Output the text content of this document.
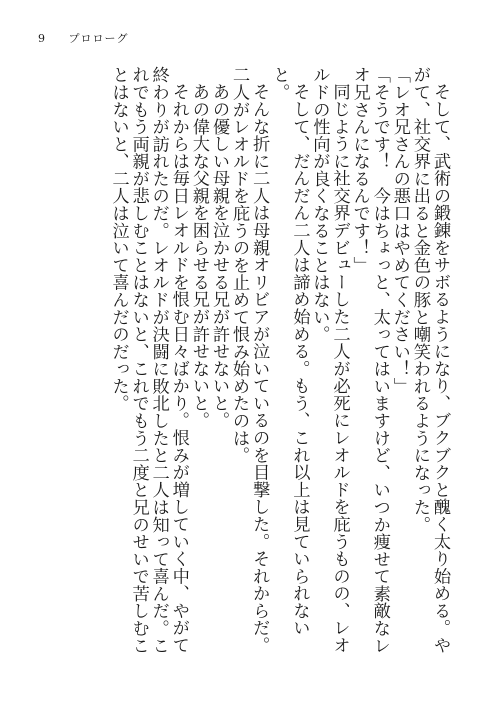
9 プロローグ

そして、武術の鍛錬をサボるようになり、ブクブクと醜く太り始める。やがて、社交界に出ると金色の豚と嘲笑われるようになった。

「レオ兄さんの悪口はやめてください！」

「そうです！　今はちょっと、太ってはいますけど、いつか痩せて素敵なレオ兄さんになるんです！」

同じように社交界デビューした二人が必死にレオルドを庇うものの、レオルドの性向が良くなることはない。

そして、だんだん二人は諦め始める。もう、これ以上は見ていられないと。

そんな折に二人は母親オリビアが泣いているのを目撃した。それからだ。二人がレオルドを庇うのを止めて恨み始めたのは。

あの優しい母親を泣かせる兄が許せないと。

あの偉大な父親を困らせる兄が許せないと。

それからは毎日レオルドを恨む日々ばかり。恨みが増していく中、やがて終わりが訪れたのだ。レオルドが決闘に敗北したと二人は知って喜んだ。これでもう両親が悲しむことはないと、これでもう二度と兄のせいで苦しむことはないと、二人は泣いて喜んだのだった。
